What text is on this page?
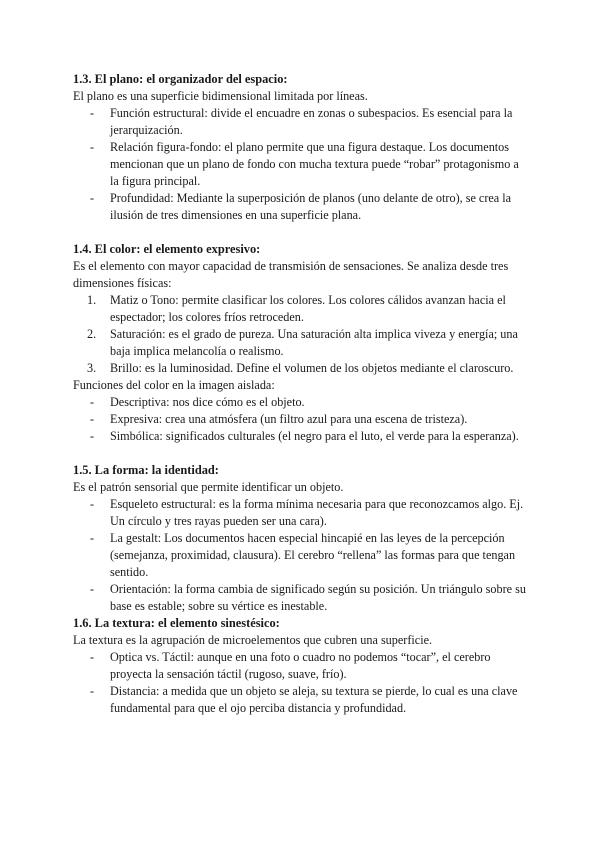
1.3. El plano: el organizador del espacio:

El plano es una superficie bidimensional limitada por líneas.

- Función estructural: divide el encuadre en zonas o subespacios. Es esencial para la jerarquización.
- Relación figura-fondo: el plano permite que una figura destaque. Los documentos mencionan que un plano de fondo con mucha textura puede “robar” protagonismo a la figura principal.
- Profundidad: Mediante la superposición de planos (uno delante de otro), se crea la ilusión de tres dimensiones en una superficie plana.
1.4. El color: el elemento expresivo:

Es el elemento con mayor capacidad de transmisión de sensaciones. Se analiza desde tres dimensiones físicas:

1. Matiz o Tono: permite clasificar los colores. Los colores cálidos avanzan hacia el espectador; los colores fríos retroceden.
2. Saturación: es el grado de pureza. Una saturación alta implica viveza y energía; una baja implica melancolía o realismo.
3. Brillo: es la luminosidad. Define el volumen de los objetos mediante el claroscuro.

Funciones del color en la imagen aislada:

- Descriptiva: nos dice cómo es el objeto.
- Expresiva: crea una atmósfera (un filtro azul para una escena de tristeza).
- Simbólica: significados culturales (el negro para el luto, el verde para la esperanza).
1.5. La forma: la identidad:

Es el patrón sensorial que permite identificar un objeto.

- Esqueleto estructural: es la forma mínima necesaria para que reconozcamos algo. Ej. Un círculo y tres rayas pueden ser una cara).
- La gestalt: Los documentos hacen especial hincapié en las leyes de la percepción (semejanza, proximidad, clausura). El cerebro “rellena” las formas para que tengan sentido.
- Orientación: la forma cambia de significado según su posición. Un triángulo sobre su base es estable; sobre su vértice es inestable.
1.6. La textura: el elemento sinestésico:

La textura es la agrupación de microelementos que cubren una superficie.

- Optica vs. Táctil: aunque en una foto o cuadro no podemos “tocar”, el cerebro proyecta la sensación táctil (rugoso, suave, frío).
- Distancia: a medida que un objeto se aleja, su textura se pierde, lo cual es una clave fundamental para que el ojo perciba distancia y profundidad.
